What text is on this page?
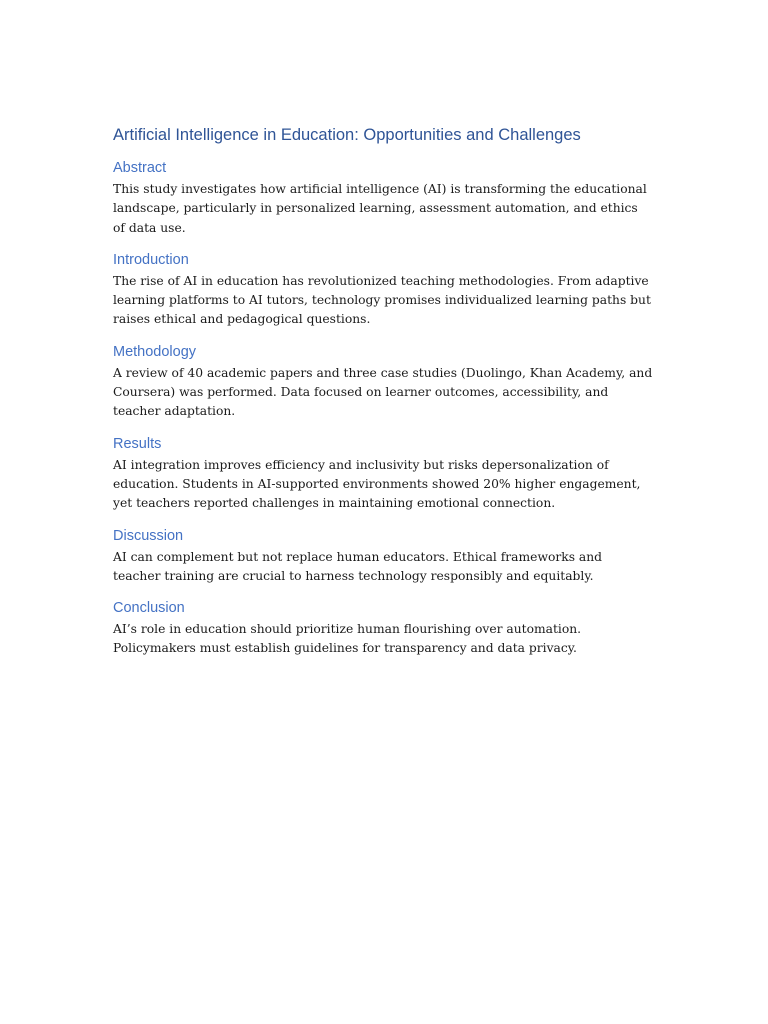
Artificial Intelligence in Education: Opportunities and Challenges
Abstract

This study investigates how artificial intelligence (AI) is transforming the educational landscape, particularly in personalized learning, assessment automation, and ethics of data use.

Introduction

The rise of AI in education has revolutionized teaching methodologies. From adaptive learning platforms to AI tutors, technology promises individualized learning paths but raises ethical and pedagogical questions.

Methodology

A review of 40 academic papers and three case studies (Duolingo, Khan Academy, and Coursera) was performed. Data focused on learner outcomes, accessibility, and teacher adaptation.

Results

AI integration improves efficiency and inclusivity but risks depersonalization of education. Students in AI-supported environments showed 20% higher engagement, yet teachers reported challenges in maintaining emotional connection.

Discussion

AI can complement but not replace human educators. Ethical frameworks and teacher training are crucial to harness technology responsibly and equitably.

Conclusion

AI’s role in education should prioritize human flourishing over automation. Policymakers must establish guidelines for transparency and data privacy.
